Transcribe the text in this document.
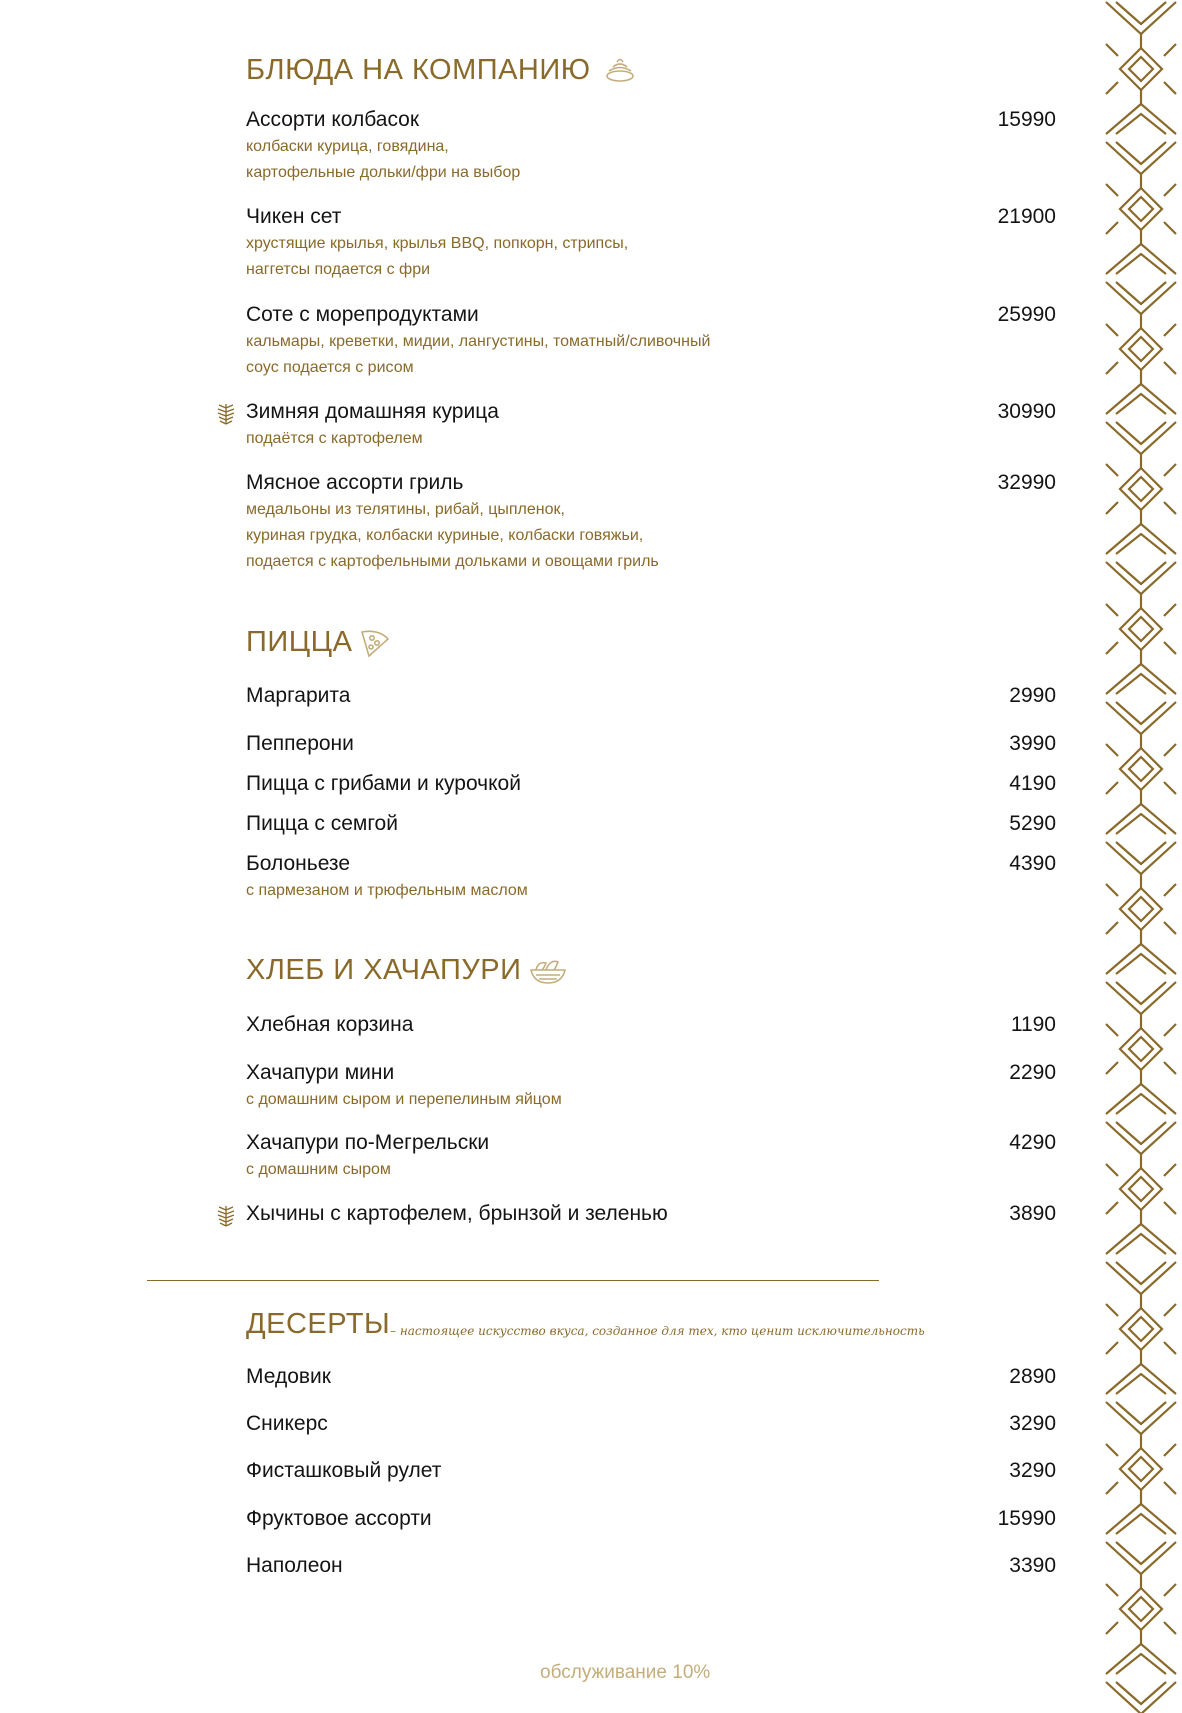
БЛЮДА НА КОМПАНИЮ
Ассорти колбасок	15990
колбаски курица, говядина,
картофельные дольки/фри на выбор
Чикен сет	21900
хрустящие крылья, крылья BBQ, попкорн, стрипсы,
наггетсы подается с фри
Соте с морепродуктами	25990
кальмары, креветки, мидии, лангустины, томатный/сливочный
соус подается с рисом
Зимняя домашняя курица	30990
подаётся с картофелем
Мясное ассорти гриль	32990
медальоны из телятины, рибай, цыпленок,
куриная грудка, колбаски куриные, колбаски говяжьи,
подается с картофельными дольками и овощами гриль
ПИЦЦА
Маргарита	2990
Пепперони	3990
Пицца с грибами и курочкой	4190
Пицца с семгой	5290
Болоньезе	4390
с пармезаном и трюфельным маслом
ХЛЕБ И ХАЧАПУРИ
Хлебная корзина	1190
Хачапури мини	2290
с домашним сыром и перепелиным яйцом
Хачапури по-Мегрельски	4290
с домашним сыром
Хычины с картофелем, брынзой и зеленью	3890
ДЕСЕРТЫ – настоящее искусство вкуса, созданное для тех, кто ценит исключительность
Медовик	2890
Сникерс	3290
Фисташковый рулет	3290
Фруктовое ассорти	15990
Наполеон	3390
обслуживание 10%
